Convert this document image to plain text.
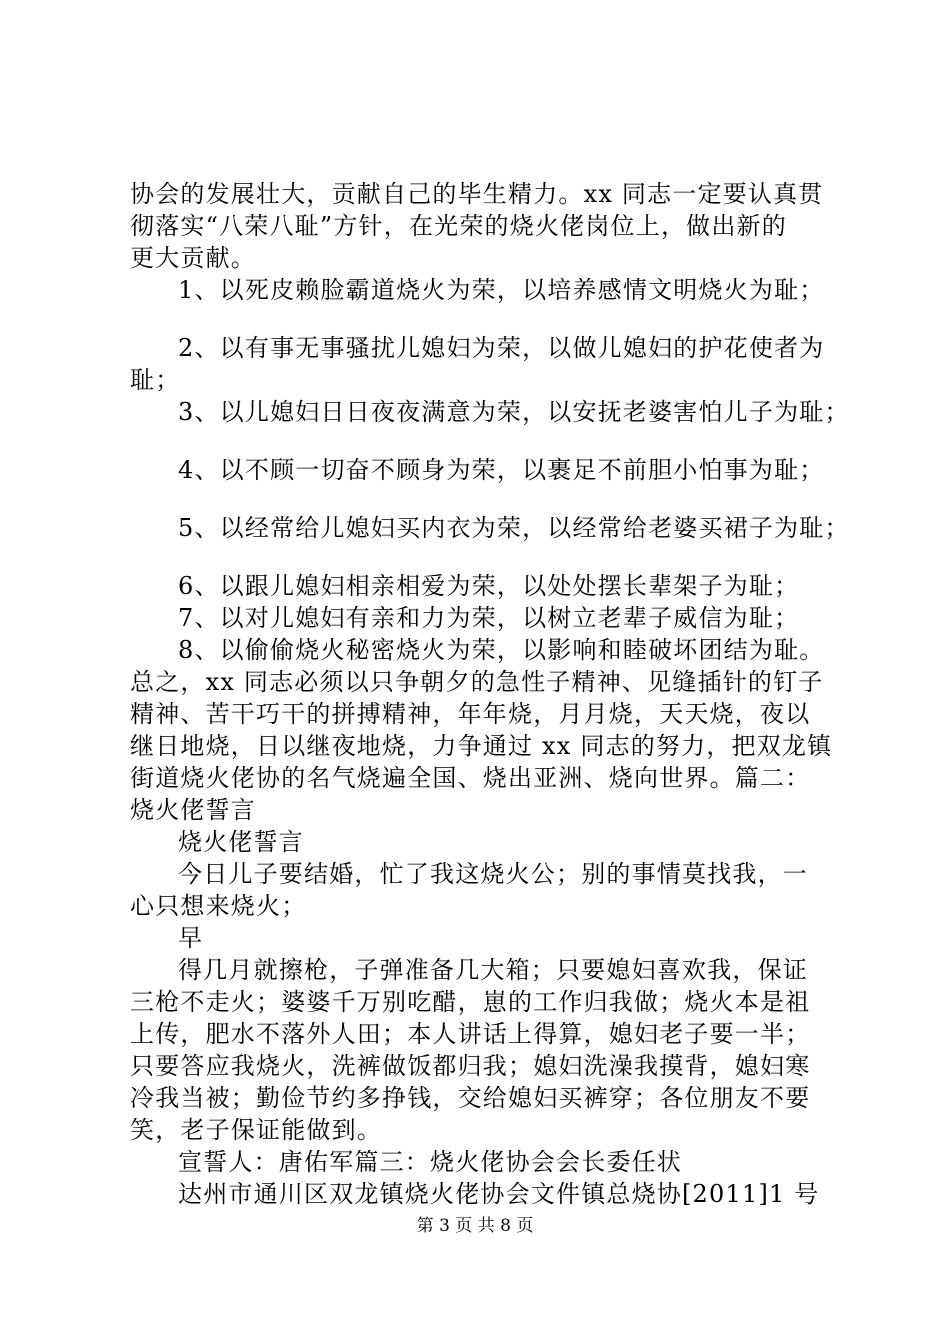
协会的发展壮大，贡献自己的毕生精力。xx 同志一定要认真贯
彻落实“八荣八耻”方针，在光荣的烧火佬岗位上，做出新的
更大贡献。
1、以死皮赖脸霸道烧火为荣，以培养感情文明烧火为耻；
2、以有事无事骚扰儿媳妇为荣，以做儿媳妇的护花使者为
耻；
3、以儿媳妇日日夜夜满意为荣，以安抚老婆害怕儿子为耻；
4、以不顾一切奋不顾身为荣，以裹足不前胆小怕事为耻；
5、以经常给儿媳妇买内衣为荣，以经常给老婆买裙子为耻；
6、以跟儿媳妇相亲相爱为荣，以处处摆长辈架子为耻；
7、以对儿媳妇有亲和力为荣，以树立老辈子威信为耻；
8、以偷偷烧火秘密烧火为荣，以影响和睦破坏团结为耻。
总之，xx 同志必须以只争朝夕的急性子精神、见缝插针的钉子
精神、苦干巧干的拼搏精神，年年烧，月月烧，天天烧，夜以
继日地烧，日以继夜地烧，力争通过 xx 同志的努力，把双龙镇
街道烧火佬协的名气烧遍全国、烧出亚洲、烧向世界。篇二：
烧火佬誓言
烧火佬誓言
今日儿子要结婚，忙了我这烧火公；别的事情莫找我，一
心只想来烧火；
早
得几月就擦枪，子弹准备几大箱；只要媳妇喜欢我，保证
三枪不走火；婆婆千万别吃醋，崽的工作归我做；烧火本是祖
上传，肥水不落外人田；本人讲话上得算，媳妇老子要一半；
只要答应我烧火，洗裤做饭都归我；媳妇洗澡我摸背，媳妇寒
冷我当被；勤俭节约多挣钱，交给媳妇买裤穿；各位朋友不要
笑，老子保证能做到。
宣誓人：唐佑军篇三：烧火佬协会会长委任状
达州市通川区双龙镇烧火佬协会文件镇总烧协[2011]1 号
第 3 页 共 8 页
